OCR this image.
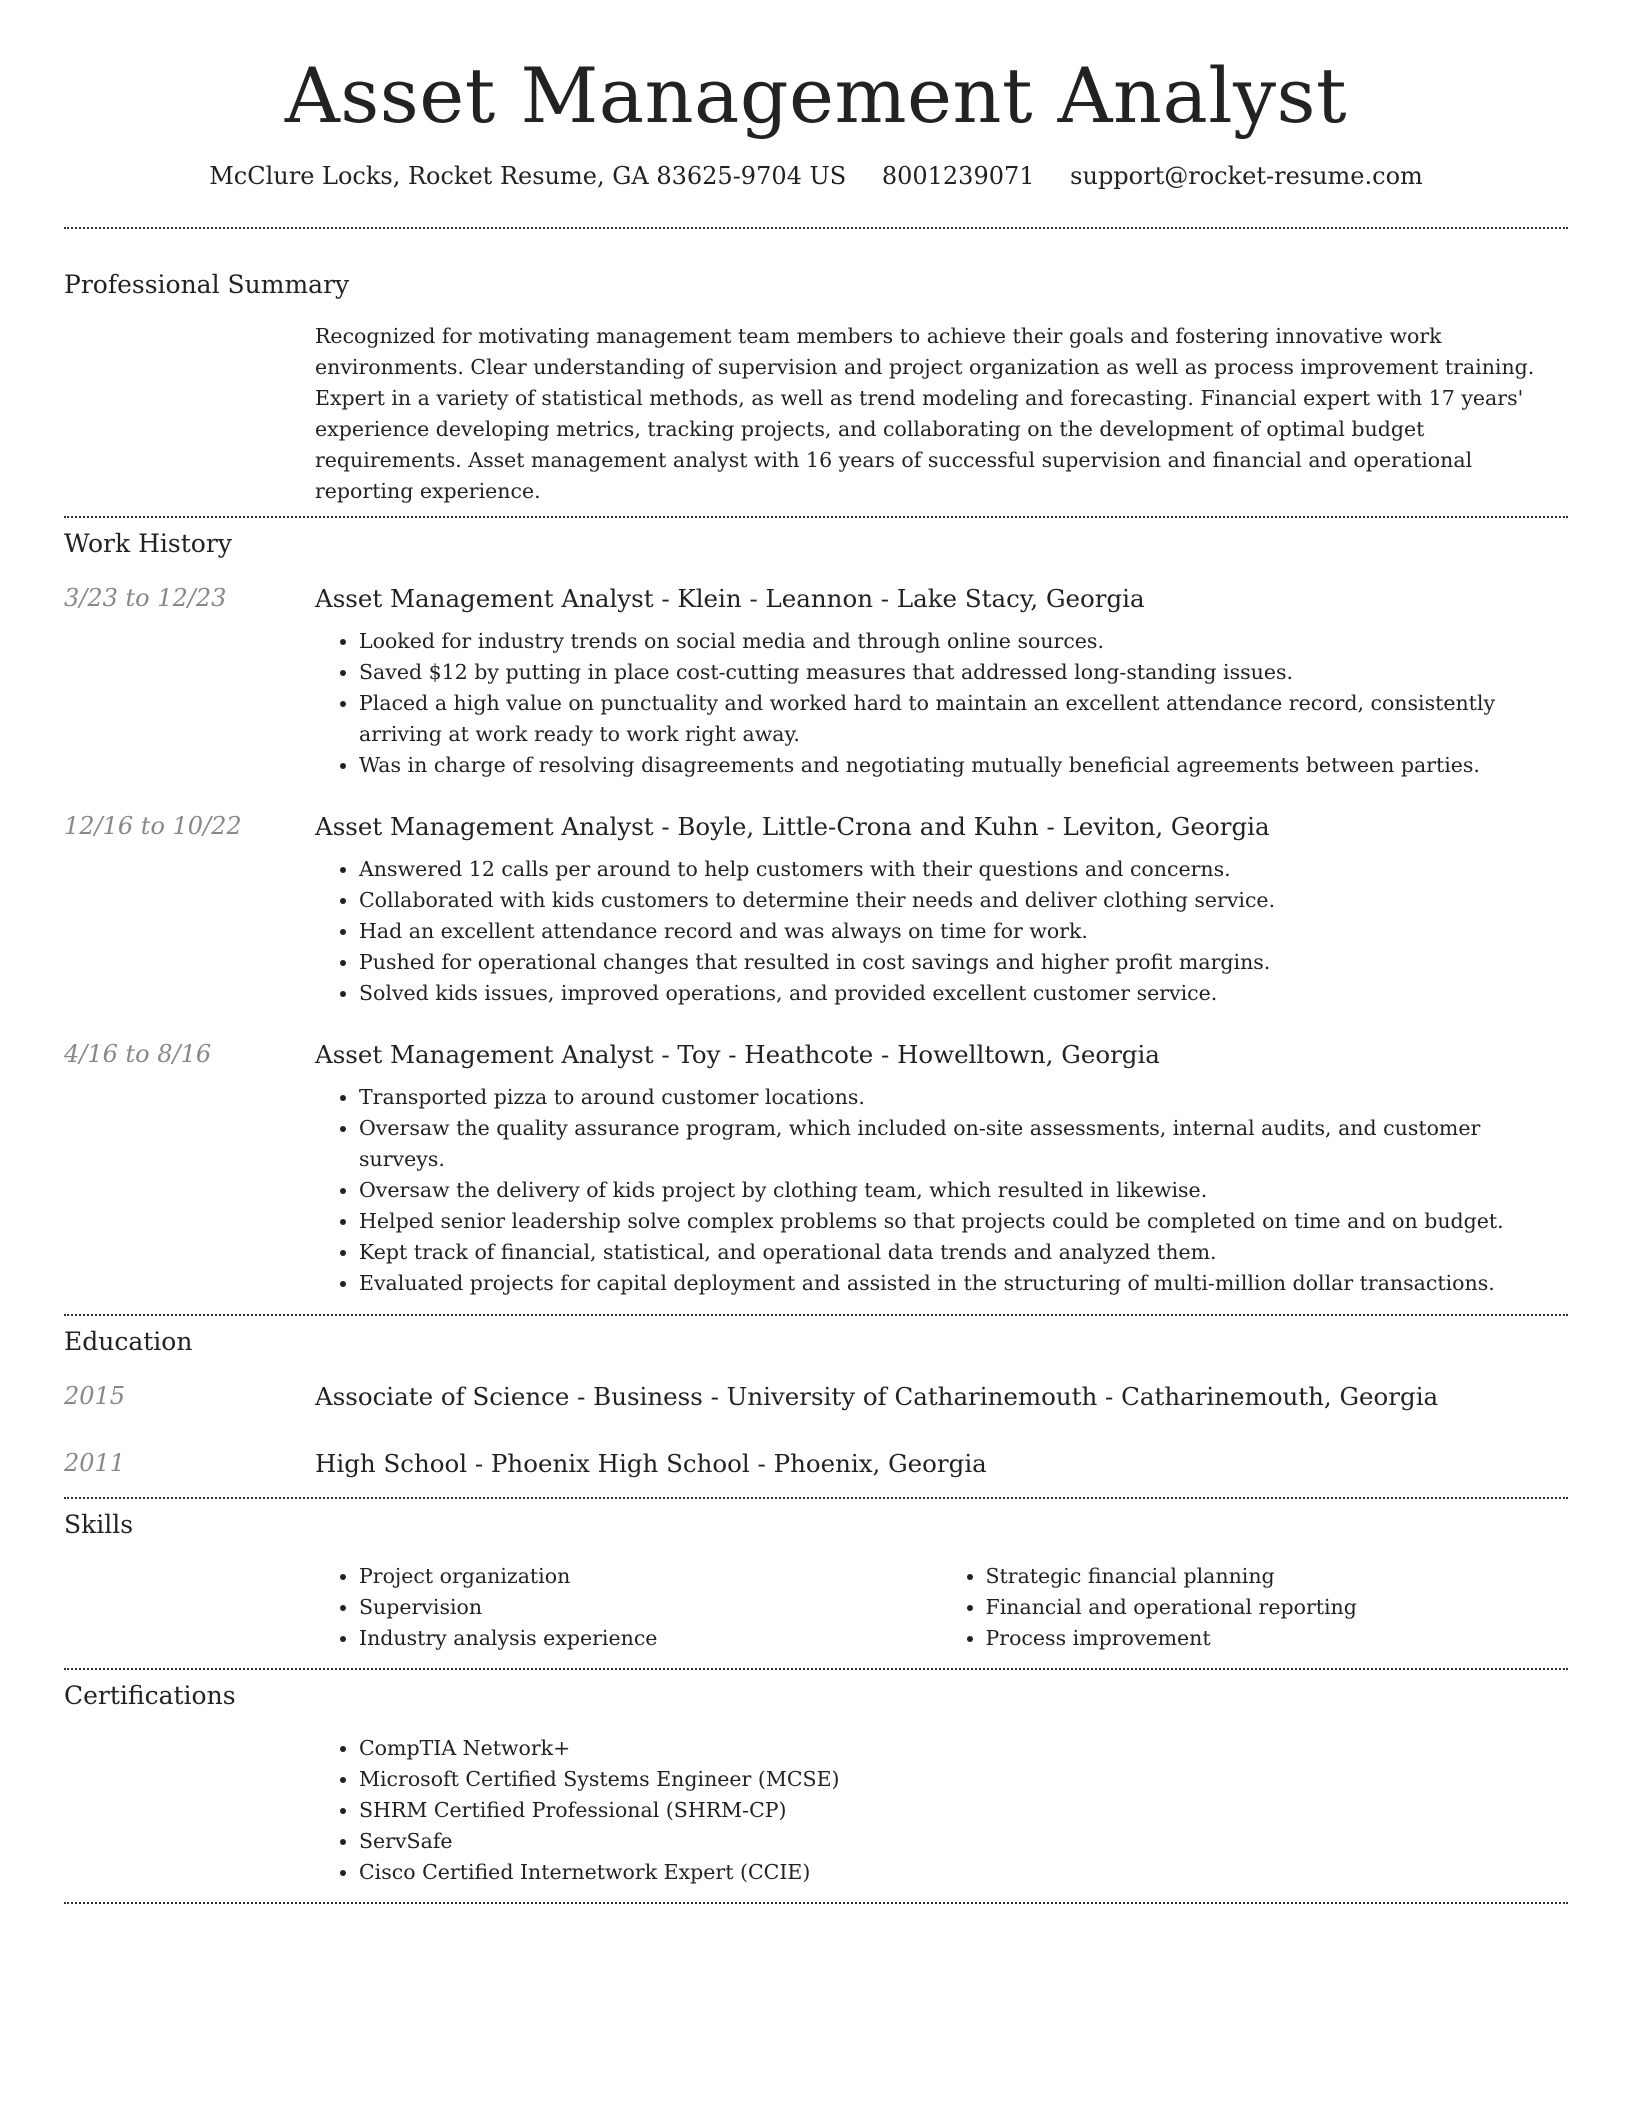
Asset Management Analyst
McClure Locks, Rocket Resume, GA 83625-9704 US 8001239071 support@rocket-resume.com
Professional Summary

Recognized for motivating management team members to achieve their goals and fostering innovative work environments. Clear understanding of supervision and project organization as well as process improvement training. Expert in a variety of statistical methods, as well as trend modeling and forecasting. Financial expert with 17 years' experience developing metrics, tracking projects, and collaborating on the development of optimal budget requirements. Asset management analyst with 16 years of successful supervision and financial and operational reporting experience.

Work History
3/23 to 12/23	Asset Management Analyst - Klein - Leannon - Lake Stacy, Georgia
• Looked for industry trends on social media and through online sources.
• Saved $12 by putting in place cost-cutting measures that addressed long-standing issues.
• Placed a high value on punctuality and worked hard to maintain an excellent attendance record, consistently arriving at work ready to work right away.
• Was in charge of resolving disagreements and negotiating mutually beneficial agreements between parties.
12/16 to 10/22	Asset Management Analyst - Boyle, Little-Crona and Kuhn - Leviton, Georgia
• Answered 12 calls per around to help customers with their questions and concerns.
• Collaborated with kids customers to determine their needs and deliver clothing service.
• Had an excellent attendance record and was always on time for work.
• Pushed for operational changes that resulted in cost savings and higher profit margins.
• Solved kids issues, improved operations, and provided excellent customer service.
4/16 to 8/16	Asset Management Analyst - Toy - Heathcote - Howelltown, Georgia
• Transported pizza to around customer locations.
• Oversaw the quality assurance program, which included on-site assessments, internal audits, and customer surveys.
• Oversaw the delivery of kids project by clothing team, which resulted in likewise.
• Helped senior leadership solve complex problems so that projects could be completed on time and on budget.
• Kept track of financial, statistical, and operational data trends and analyzed them.
• Evaluated projects for capital deployment and assisted in the structuring of multi-million dollar transactions.
Education
2015	Associate of Science - Business - University of Catharinemouth - Catharinemouth, Georgia
2011	High School - Phoenix High School - Phoenix, Georgia
Skills
• Project organization
• Supervision
• Industry analysis experience
• Strategic financial planning
• Financial and operational reporting
• Process improvement
Certifications
• CompTIA Network+
• Microsoft Certified Systems Engineer (MCSE)
• SHRM Certified Professional (SHRM-CP)
• ServSafe
• Cisco Certified Internetwork Expert (CCIE)
